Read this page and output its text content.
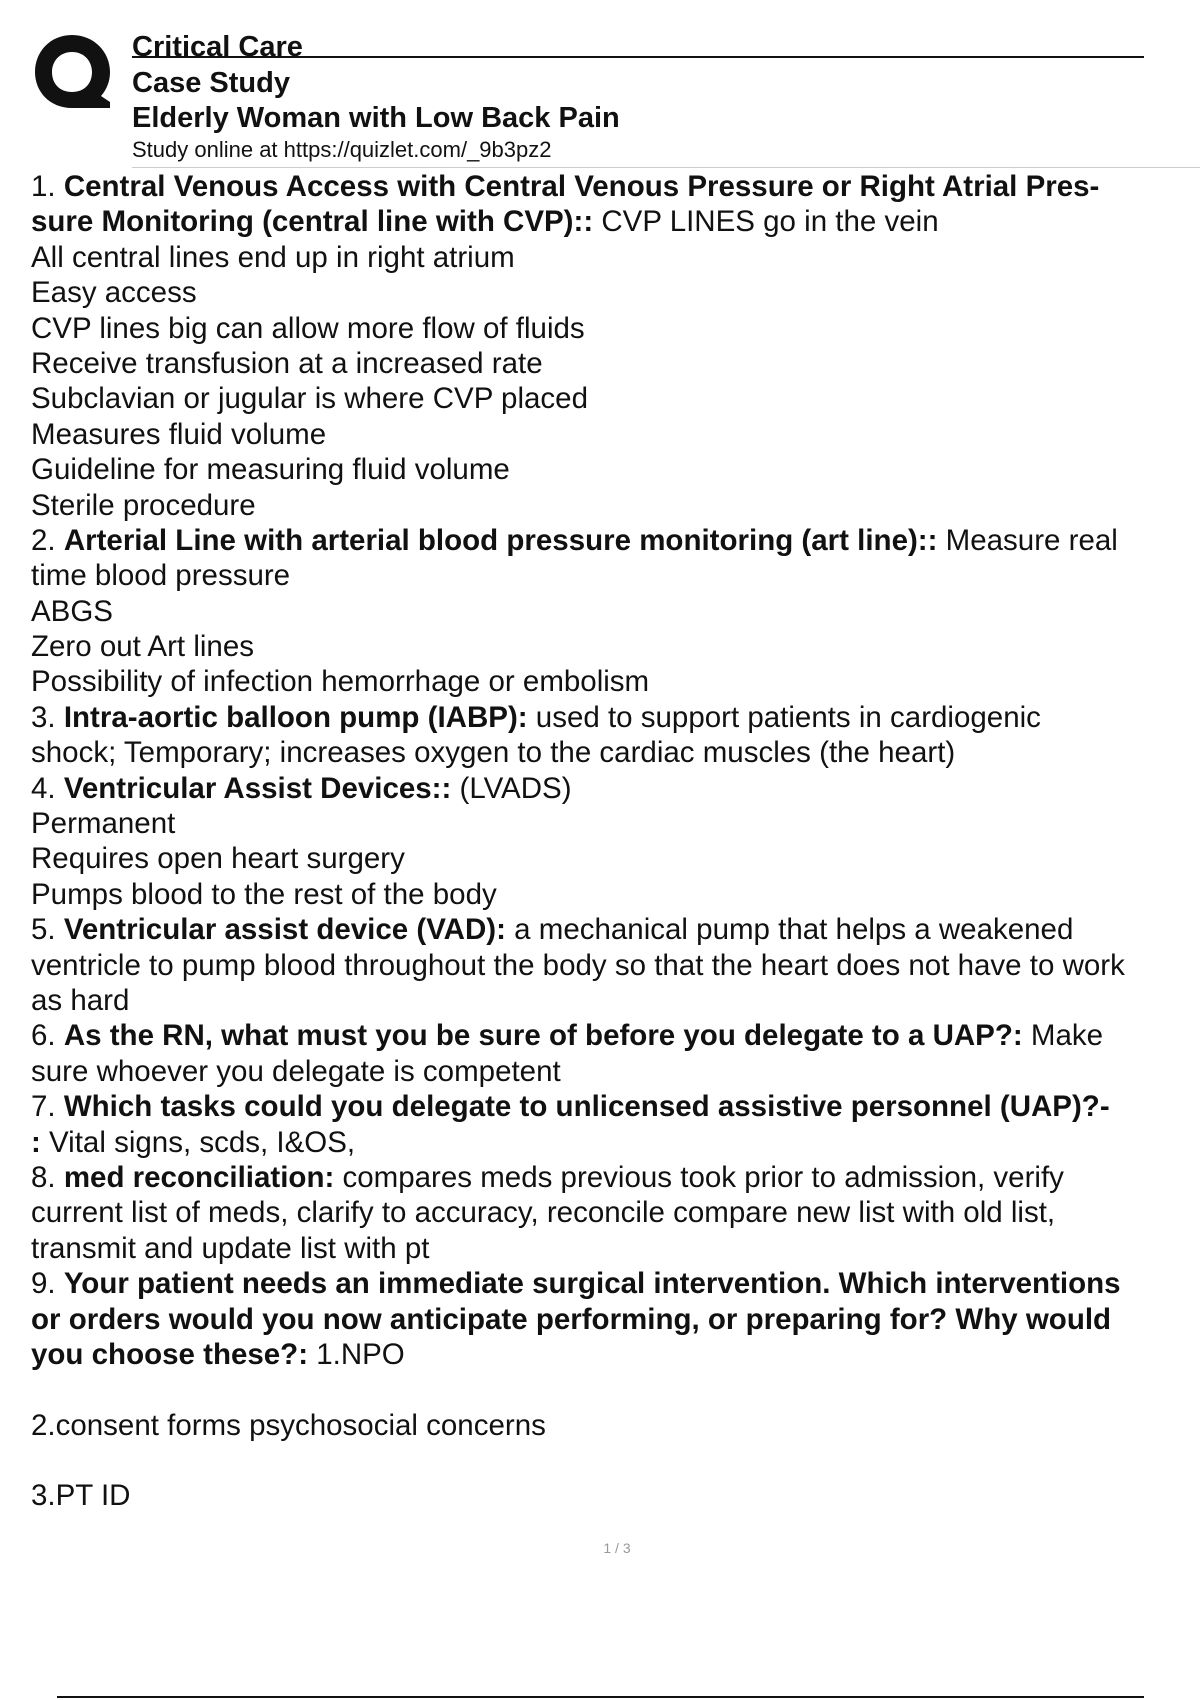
Critical Care
Case Study
Elderly Woman with Low Back Pain
Study online at https://quizlet.com/_9b3pz2
1. Central Venous Access with Central Venous Pressure or Right Atrial Pres-
sure Monitoring (central line with CVP):: CVP LINES go in the vein
All central lines end up in right atrium
Easy access
CVP lines big can allow more flow of fluids
Receive transfusion at a increased rate
Subclavian or jugular is where CVP placed
Measures fluid volume
Guideline for measuring fluid volume
Sterile procedure
2. Arterial Line with arterial blood pressure monitoring (art line):: Measure real
time blood pressure
ABGS
Zero out Art lines
Possibility of infection hemorrhage or embolism
3. Intra-aortic balloon pump (IABP): used to support patients in cardiogenic
shock; Temporary; increases oxygen to the cardiac muscles (the heart)
4. Ventricular Assist Devices:: (LVADS)
Permanent
Requires open heart surgery
Pumps blood to the rest of the body
5. Ventricular assist device (VAD): a mechanical pump that helps a weakened
ventricle to pump blood throughout the body so that the heart does not have to work
as hard
6. As the RN, what must you be sure of before you delegate to a UAP?: Make
sure whoever you delegate is competent
7. Which tasks could you delegate to unlicensed assistive personnel (UAP)?-
: Vital signs, scds, I&OS,
8. med reconciliation: compares meds previous took prior to admission, verify
current list of meds, clarify to accuracy, reconcile compare new list with old list,
transmit and update list with pt
9. Your patient needs an immediate surgical intervention. Which interventions
or orders would you now anticipate performing, or preparing for? Why would
you choose these?: 1.NPO
2.consent forms psychosocial concerns
3.PT ID
1 / 3
